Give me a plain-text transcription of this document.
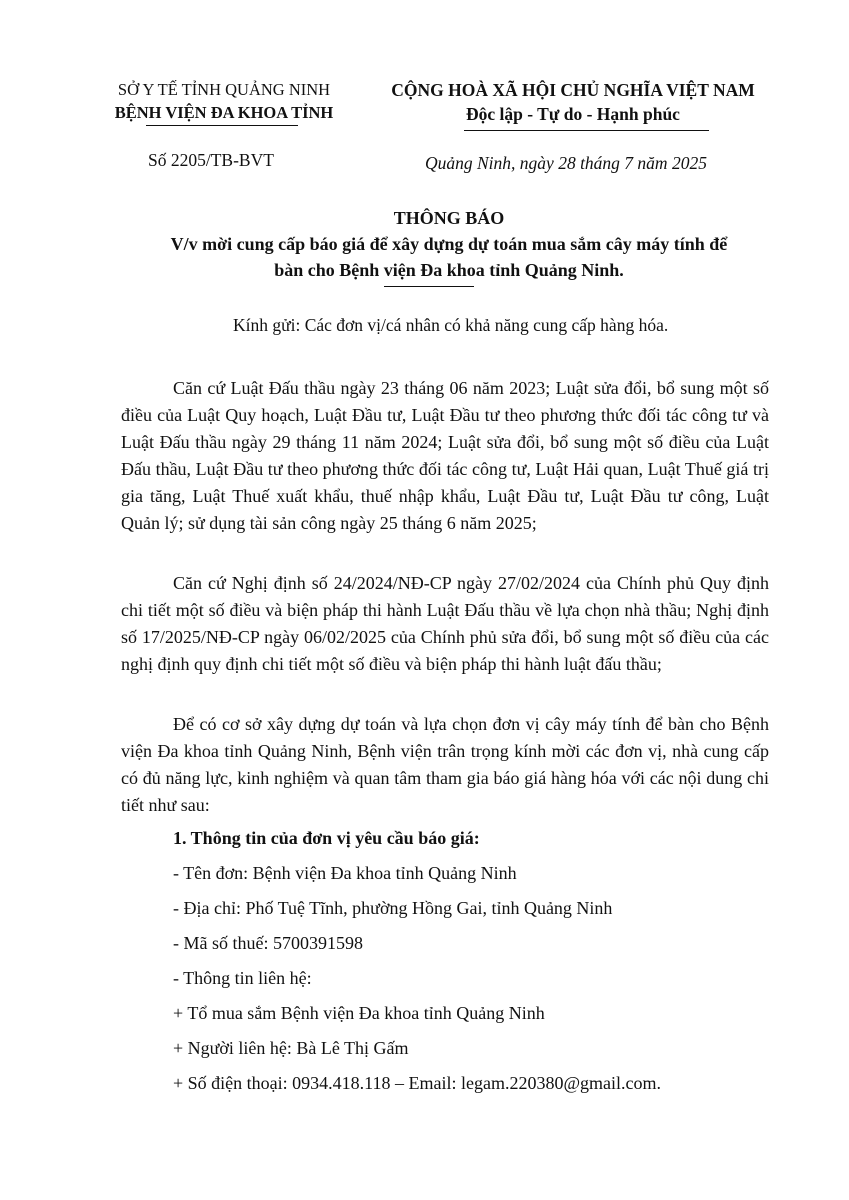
SỞ Y TẾ TỈNH QUẢNG NINH
BỆNH VIỆN ĐA KHOA TỈNH
CỘNG HOÀ XÃ HỘI CHỦ NGHĨA VIỆT NAM
Độc lập - Tự do - Hạnh phúc
Số 2205/TB-BVT	Quảng Ninh, ngày 28 tháng 7 năm 2025
THÔNG BÁO
V/v mời cung cấp báo giá để xây dựng dự toán mua sắm cây máy tính để
bàn cho Bệnh viện Đa khoa tỉnh Quảng Ninh.
Kính gửi: Các đơn vị/cá nhân có khả năng cung cấp hàng hóa.
Căn cứ Luật Đấu thầu ngày 23 tháng 06 năm 2023; Luật sửa đổi, bổ sung một số điều của Luật Quy hoạch, Luật Đầu tư, Luật Đầu tư theo phương thức đối tác công tư và Luật Đấu thầu ngày 29 tháng 11 năm 2024; Luật sửa đổi, bổ sung một số điều của Luật Đấu thầu, Luật Đầu tư theo phương thức đối tác công tư, Luật Hải quan, Luật Thuế giá trị gia tăng, Luật Thuế xuất khẩu, thuế nhập khẩu, Luật Đầu tư, Luật Đầu tư công, Luật Quản lý; sử dụng tài sản công ngày 25 tháng 6 năm 2025;
Căn cứ Nghị định số 24/2024/NĐ-CP ngày 27/02/2024 của Chính phủ Quy định chi tiết một số điều và biện pháp thi hành Luật Đấu thầu về lựa chọn nhà thầu; Nghị định số 17/2025/NĐ-CP ngày 06/02/2025 của Chính phủ sửa đổi, bổ sung một số điều của các nghị định quy định chi tiết một số điều và biện pháp thi hành luật đấu thầu;
Để có cơ sở xây dựng dự toán và lựa chọn đơn vị cây máy tính để bàn cho Bệnh viện Đa khoa tỉnh Quảng Ninh, Bệnh viện trân trọng kính mời các đơn vị, nhà cung cấp có đủ năng lực, kinh nghiệm và quan tâm tham gia báo giá hàng hóa với các nội dung chi tiết như sau:
1. Thông tin của đơn vị yêu cầu báo giá:
- Tên đơn: Bệnh viện Đa khoa tỉnh Quảng Ninh
- Địa chỉ: Phố Tuệ Tĩnh, phường Hồng Gai, tỉnh Quảng Ninh
- Mã số thuế: 5700391598
- Thông tin liên hệ:
+ Tổ mua sắm Bệnh viện Đa khoa tỉnh Quảng Ninh
+ Người liên hệ: Bà Lê Thị Gấm
+ Số điện thoại: 0934.418.118 – Email: legam.220380@gmail.com.
